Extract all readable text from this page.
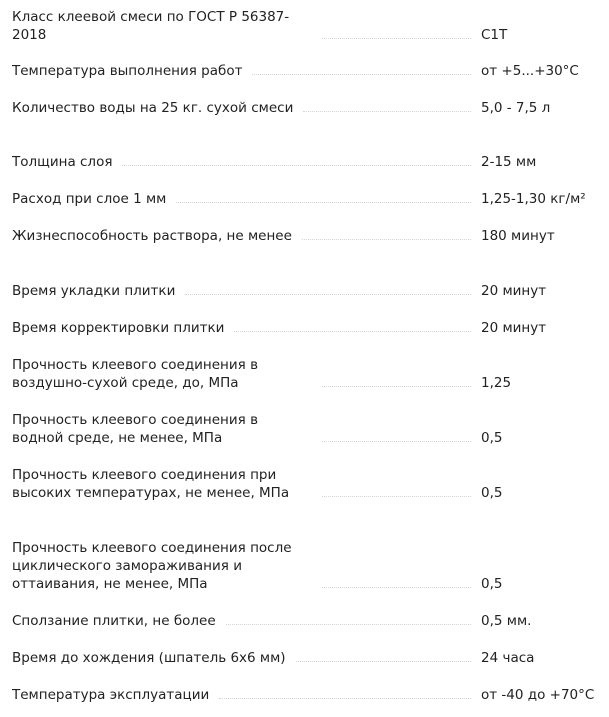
Класс клеевой смеси по ГОСТ Р 56387-2018	С1Т
Температура выполнения работ	от +5...+30°С
Количество воды на 25 кг. сухой смеси	5,0 - 7,5 л
Толщина слоя	2-15 мм
Расход при слое 1 мм	1,25-1,30 кг/м²
Жизнеспособность раствора, не менее	180 минут
Время укладки плитки	20 минут
Время корректировки плитки	20 минут
Прочность клеевого соединения в воздушно-сухой среде, до, МПа	1,25
Прочность клеевого соединения в водной среде, не менее, МПа	0,5
Прочность клеевого соединения при высоких температурах, не менее, МПа	0,5
Прочность клеевого соединения после циклического замораживания и оттаивания, не менее, МПа	0,5
Сползание плитки, не более	0,5 мм.
Время до хождения (шпатель 6х6 мм)	24 часа
Температура эксплуатации	от -40 до +70°С
